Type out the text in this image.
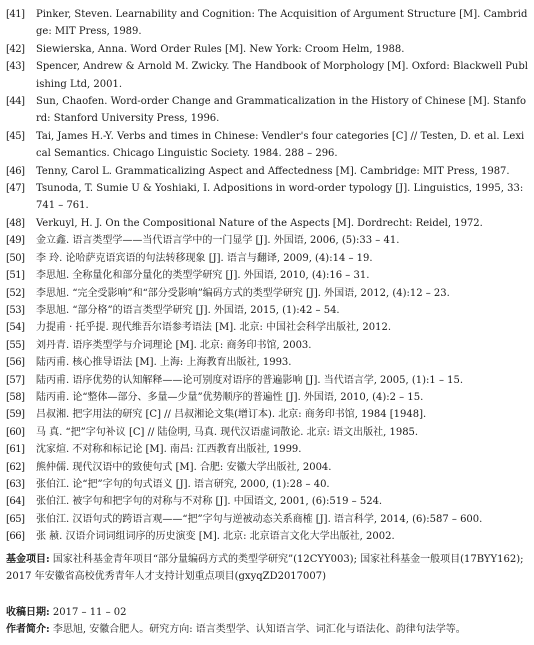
[41]	Pinker, Steven. Learnability and Cognition: The Acquisition of Argument Structure [M]. Cambridge: MIT Press, 1989.
[42]	Siewierska, Anna. Word Order Rules [M]. New York: Croom Helm, 1988.
[43]	Spencer, Andrew & Arnold M. Zwicky. The Handbook of Morphology [M]. Oxford: Blackwell Publishing Ltd, 2001.
[44]	Sun, Chaofen. Word-order Change and Grammaticalization in the History of Chinese [M]. Stanford: Stanford University Press, 1996.
[45]	Tai, James H.-Y. Verbs and times in Chinese: Vendler's four categories [C] // Testen, D. et al. Lexical Semantics. Chicago Linguistic Society. 1984. 288 – 296.
[46]	Tenny, Carol L. Grammaticalizing Aspect and Affectedness [M]. Cambridge: MIT Press, 1987.
[47]	Tsunoda, T. Sumie U & Yoshiaki, I. Adpositions in word-order typology [J]. Linguistics, 1995, 33:741 – 761.
[48]	Verkuyl, H. J. On the Compositional Nature of the Aspects [M]. Dordrecht: Reidel, 1972.
[49]	金立鑫. 语言类型学——当代语言学中的一门显学 [J]. 外国语, 2006, (5):33 – 41.
[50]	李 玲. 论哈萨克语宾语的句法转移现象 [J]. 语言与翻译, 2009, (4):14 – 19.
[51]	李思旭. 全称量化和部分量化的类型学研究 [J]. 外国语, 2010, (4):16 – 31.
[52]	李思旭. “完全受影响”和“部分受影响”编码方式的类型学研究 [J]. 外国语, 2012, (4):12 – 23.
[53]	李思旭. “部分格”的语言类型学研究 [J]. 外国语, 2015, (1):42 – 54.
[54]	力提甫 · 托乎提. 现代维吾尔语参考语法 [M]. 北京: 中国社会科学出版社, 2012.
[55]	刘丹青. 语序类型学与介词理论 [M]. 北京: 商务印书馆, 2003.
[56]	陆丙甫. 核心推导语法 [M]. 上海: 上海教育出版社, 1993.
[57]	陆丙甫. 语序优势的认知解释——论可别度对语序的普遍影响 [J]. 当代语言学, 2005, (1):1 – 15.
[58]	陆丙甫. 论“整体—部分、多量—少量”优势顺序的普遍性 [J]. 外国语, 2010, (4):2 – 15.
[59]	吕叔湘. 把字用法的研究 [C] // 吕叔湘论文集(增订本). 北京: 商务印书馆, 1984 [1948].
[60]	马 真. “把”字句补议 [C] // 陆俭明, 马真. 现代汉语虚词散论. 北京: 语文出版社, 1985.
[61]	沈家煊. 不对称和标记论 [M]. 南昌: 江西教育出版社, 1999.
[62]	熊仲儒. 现代汉语中的致使句式 [M]. 合肥: 安徽大学出版社, 2004.
[63]	张伯江. 论“把”字句的句式语义 [J]. 语言研究, 2000, (1):28 – 40.
[64]	张伯江. 被字句和把字句的对称与不对称 [J]. 中国语文, 2001, (6):519 – 524.
[65]	张伯江. 汉语句式的跨语言观——“把”字句与逆被动态关系商榷 [J]. 语言科学, 2014, (6):587 – 600.
[66]	张 赪. 汉语介词词组词序的历史演变 [M]. 北京: 北京语言文化大学出版社, 2002.
基金项目: 国家社科基金青年项目“部分量编码方式的类型学研究”(12CYY003); 国家社科基金一般项目(17BYY162); 2017 年安徽省高校优秀青年人才支持计划重点项目(gxyqZD2017007)
收稿日期: 2017 – 11 – 02
作者简介: 李思旭, 安徽合肥人。研究方向: 语言类型学、认知语言学、词汇化与语法化、韵律句法学等。
